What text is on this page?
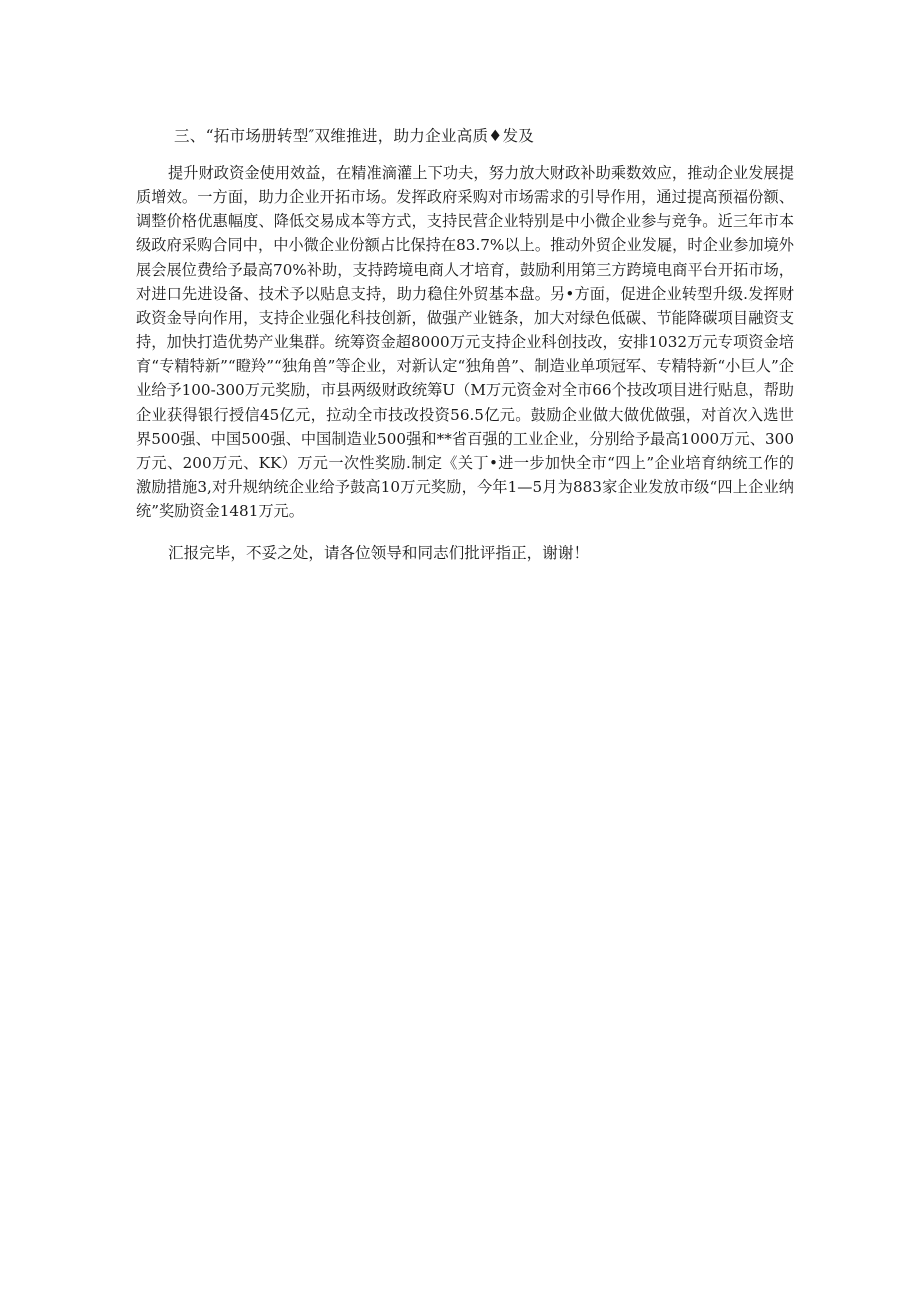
三、“拓市场册转型″双维推进，助力企业高质♦发及

提升财政资金使用效益，在精准滴灌上下功夫，努力放大财政补助乘数效应，推动企业发展提质增效。一方面，助力企业开拓市场。发挥政府采购对市场需求的引导作用，通过提高预福份额、调整价格优惠幅度、降低交易成本等方式，支持民营企业特别是中小微企业参与竞争。近三年市本级政府采购合同中，中小微企业份额占比保持在83.7%以上。推动外贸企业发屣，时企业参加境外展会展位费给予最高70%补助，支持跨境电商人才培育，鼓励利用第三方跨境电商平台开拓市场，对进口先进设备、技术予以贴息支持，助力稳住外贸基本盘。另•方面，促进企业转型升级.发挥财政资金导向作用，支持企业强化科技创新，做强产业链条，加大对绿色低碳、节能降碳项目融资支持，加快打造优势产业集群。统筹资金超8000万元支持企业科创技改，安排1032万元专项资金培育“专精特新”“瞪羚”“独角兽”等企业，对新认定“独角兽”、制造业单项冠军、专精特新“小巨人”企业给予100-300万元奖励，市县两级财政统筹U（M万元资金对全市66个技改项目进行贴息，帮助企业获得银行授信45亿元，拉动全市技改投资56.5亿元。鼓励企业做大做优做强，对首次入选世界500强、中国500强、中国制造业500强和**省百强的工业企业，分别给予最高1000万元、300万元、200万元、KK）万元一次性奖励.制定《关丁•进一步加快全市“四上”企业培育纳统工作的激励措施3,对升规纳统企业给予鼓高10万元奖励，今年1—5月为883家企业发放市级“四上企业纳统”奖励资金1481万元。

汇报完毕，不妥之处，请各位领导和同志们批评指正，谢谢！
